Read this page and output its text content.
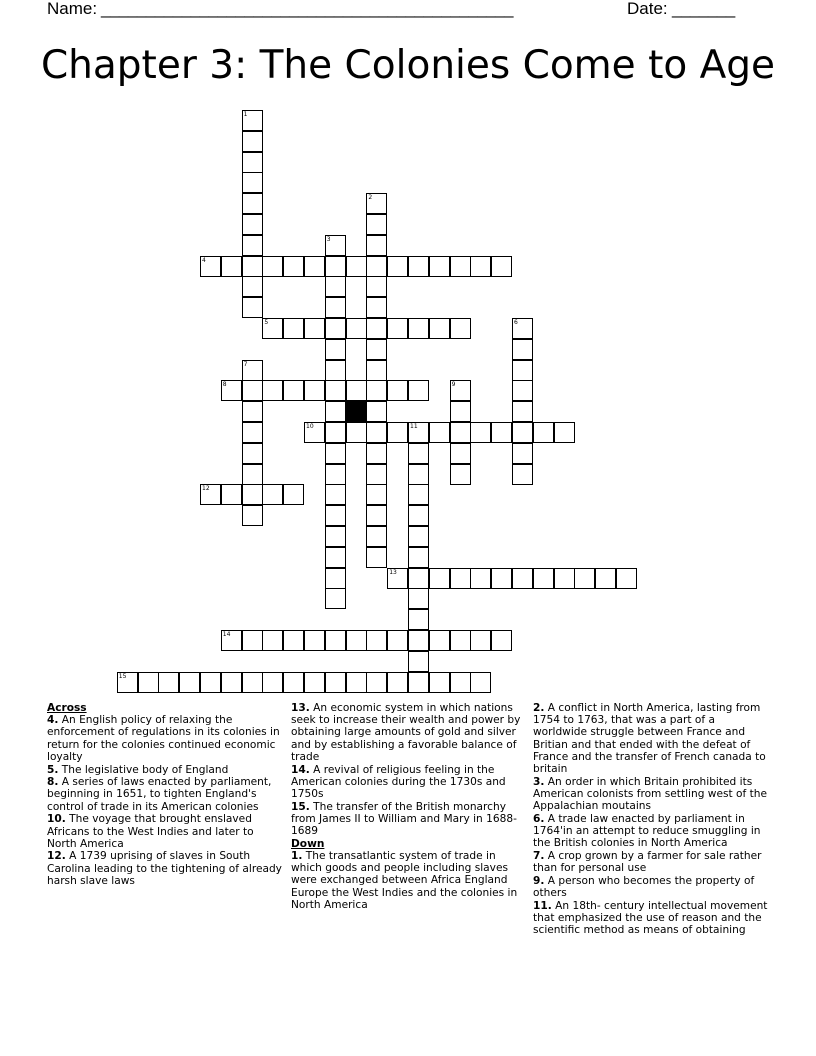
Name: ______________________________________________	Date: _______
Chapter 3: The Colonies Come to Age
1
2
3
4
5	6
7
8	9
10	11
12
13
14
15
Across
4. An English policy of relaxing the enforcement of regulations in its colonies in return for the colonies continued economic loyalty
5. The legislative body of England
8. A series of laws enacted by parliament, beginning in 1651, to tighten England's control of trade in its American colonies
10. The voyage that brought enslaved Africans to the West Indies and later to North America
12. A 1739 uprising of slaves in South Carolina leading to the tightening of already harsh slave laws
13. An economic system in which nations seek to increase their wealth and power by obtaining large amounts of gold and silver and by establishing a favorable balance of trade
14. A revival of religious feeling in the American colonies during the 1730s and 1750s
15. The transfer of the British monarchy from James II to William and Mary in 1688-1689
Down
1. The transatlantic system of trade in which goods and people including slaves were exchanged between Africa England Europe the West Indies and the colonies in North America
2. A conflict in North America, lasting from 1754 to 1763, that was a part of a worldwide struggle between France and Britian and that ended with the defeat of France and the transfer of French canada to britain
3. An order in which Britain prohibited its American colonists from settling west of the Appalachian moutains
6. A trade law enacted by parliament in 1764'in an attempt to reduce smuggling in the British colonies in North America
7. A crop grown by a farmer for sale rather than for personal use
9. A person who becomes the property of others
11. An 18th- century intellectual movement that emphasized the use of reason and the scientific method as means of obtaining
